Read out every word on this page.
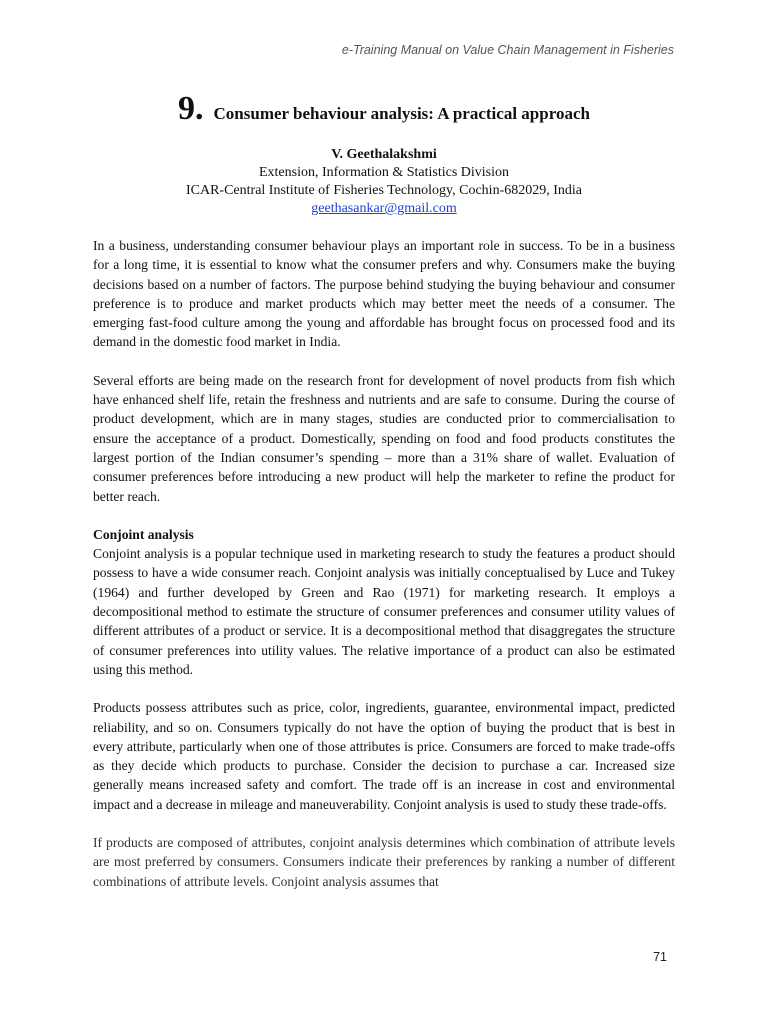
e-Training Manual on Value Chain Management in Fisheries
9. Consumer behaviour analysis: A practical approach
V. Geethalakshmi
Extension, Information & Statistics Division
ICAR-Central Institute of Fisheries Technology, Cochin-682029, India
geethasankar@gmail.com

In a business, understanding consumer behaviour plays an important role in success. To be in a business for a long time, it is essential to know what the consumer prefers and why. Consumers make the buying decisions based on a number of factors. The purpose behind studying the buying behaviour and consumer preference is to produce and market products which may better meet the needs of a consumer. The emerging fast-food culture among the young and affordable has brought focus on processed food and its demand in the domestic food market in India.

Several efforts are being made on the research front for development of novel products from fish which have enhanced shelf life, retain the freshness and nutrients and are safe to consume. During the course of product development, which are in many stages, studies are conducted prior to commercialisation to ensure the acceptance of a product. Domestically, spending on food and food products constitutes the largest portion of the Indian consumer’s spending – more than a 31% share of wallet. Evaluation of consumer preferences before introducing a new product will help the marketer to refine the product for better reach.

Conjoint analysis
Conjoint analysis is a popular technique used in marketing research to study the features a product should possess to have a wide consumer reach. Conjoint analysis was initially conceptualised by Luce and Tukey (1964) and further developed by Green and Rao (1971) for marketing research. It employs a decompositional method to estimate the structure of consumer preferences and consumer utility values of different attributes of a product or service. It is a decompositional method that disaggregates the structure of consumer preferences into utility values. The relative importance of a product can also be estimated using this method.

Products possess attributes such as price, color, ingredients, guarantee, environmental impact, predicted reliability, and so on. Consumers typically do not have the option of buying the product that is best in every attribute, particularly when one of those attributes is price. Consumers are forced to make trade-offs as they decide which products to purchase. Consider the decision to purchase a car. Increased size generally means increased safety and comfort. The trade off is an increase in cost and environmental impact and a decrease in mileage and maneuverability. Conjoint analysis is used to study these trade-offs.

If products are composed of attributes, conjoint analysis determines which combination of attribute levels are most preferred by consumers. Consumers indicate their preferences by ranking a number of different combinations of attribute levels. Conjoint analysis assumes that

71
